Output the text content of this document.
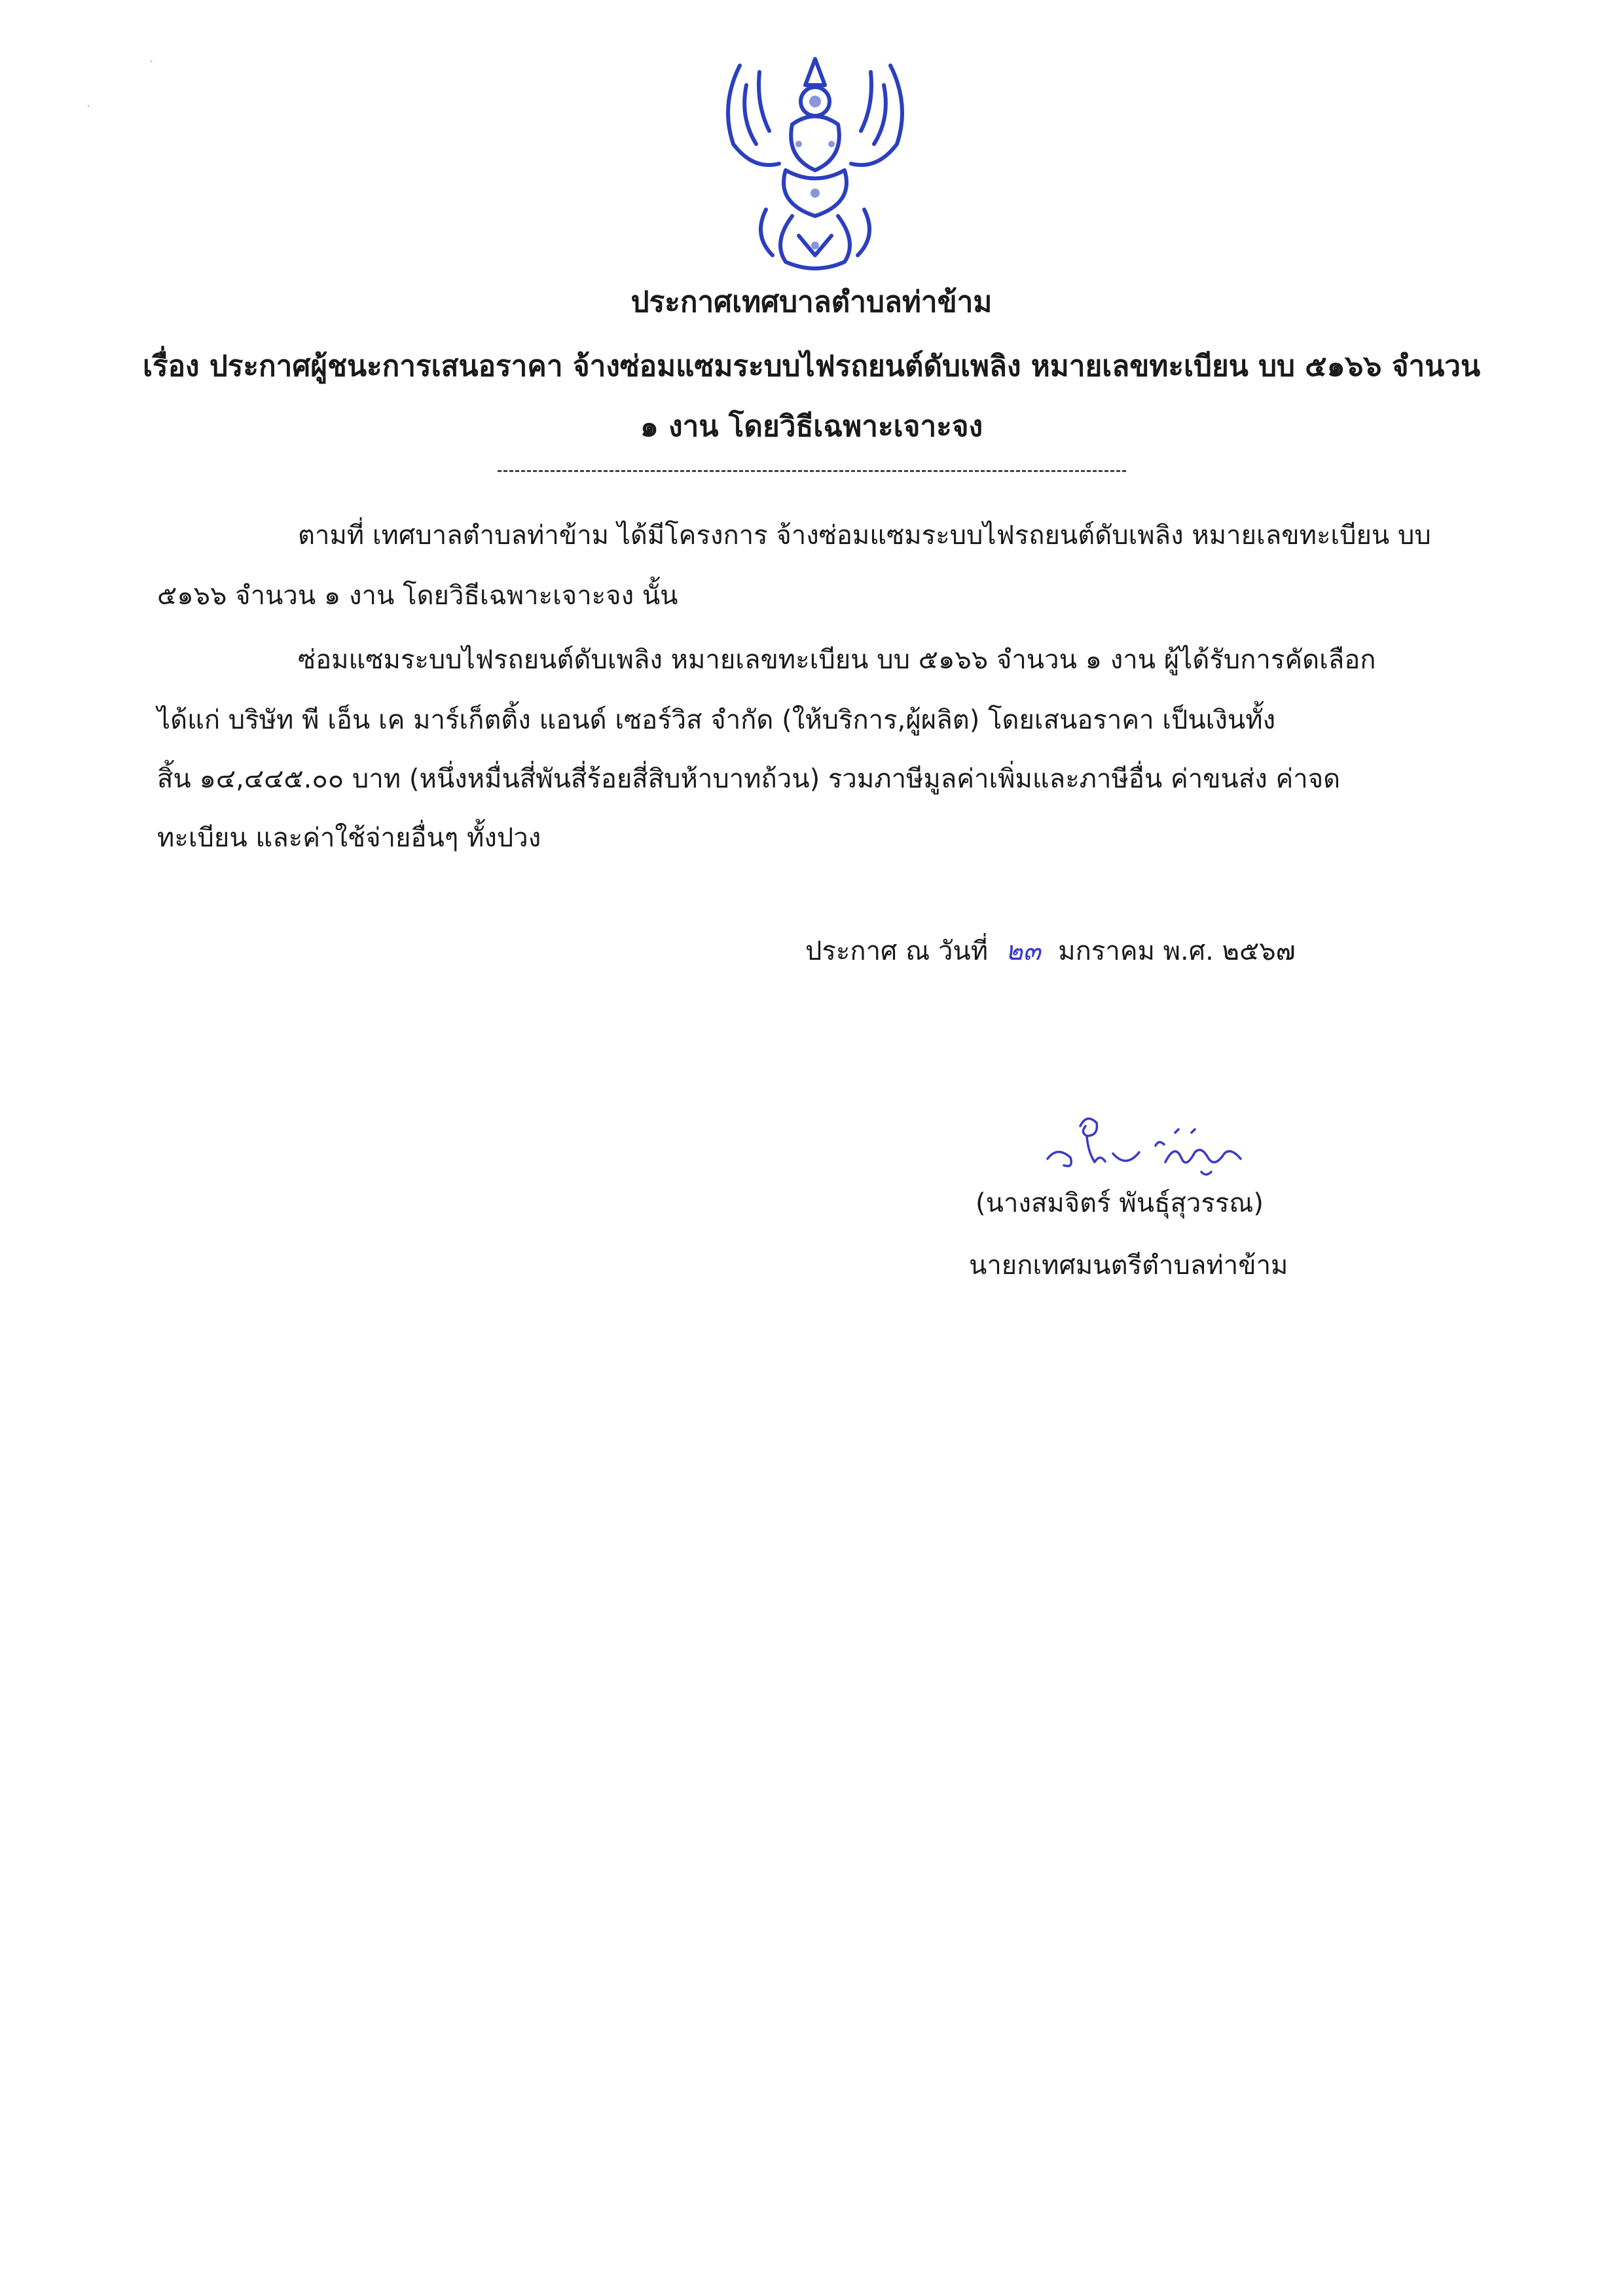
·
·
ประกาศเทศบาลตำบลท่าข้าม
เรื่อง ประกาศผู้ชนะการเสนอราคา จ้างซ่อมแซมระบบไฟรถยนต์ดับเพลิง หมายเลขทะเบียน บบ ๕๑๖๖ จำนวน
๑ งาน โดยวิธีเฉพาะเจาะจง
ตามที่ เทศบาลตำบลท่าข้าม ได้มีโครงการ จ้างซ่อมแซมระบบไฟรถยนต์ดับเพลิง หมายเลขทะเบียน บบ
๕๑๖๖ จำนวน ๑ งาน โดยวิธีเฉพาะเจาะจง นั้น
ซ่อมแซมระบบไฟรถยนต์ดับเพลิง หมายเลขทะเบียน บบ ๕๑๖๖ จำนวน ๑ งาน ผู้ได้รับการคัดเลือก
ได้แก่ บริษัท พี เอ็น เค มาร์เก็ตติ้ง แอนด์ เซอร์วิส จำกัด (ให้บริการ,ผู้ผลิต) โดยเสนอราคา เป็นเงินทั้ง
สิ้น ๑๔,๔๔๕.๐๐ บาท (หนึ่งหมื่นสี่พันสี่ร้อยสี่สิบห้าบาทถ้วน) รวมภาษีมูลค่าเพิ่มและภาษีอื่น ค่าขนส่ง ค่าจด
ทะเบียน และค่าใช้จ่ายอื่นๆ ทั้งปวง
ประกาศ ณ วันที่ ๒๓ มกราคม พ.ศ. ๒๕๖๗
(นางสมจิตร์ พันธุ์สุวรรณ)
นายกเทศมนตรีตำบลท่าข้าม
